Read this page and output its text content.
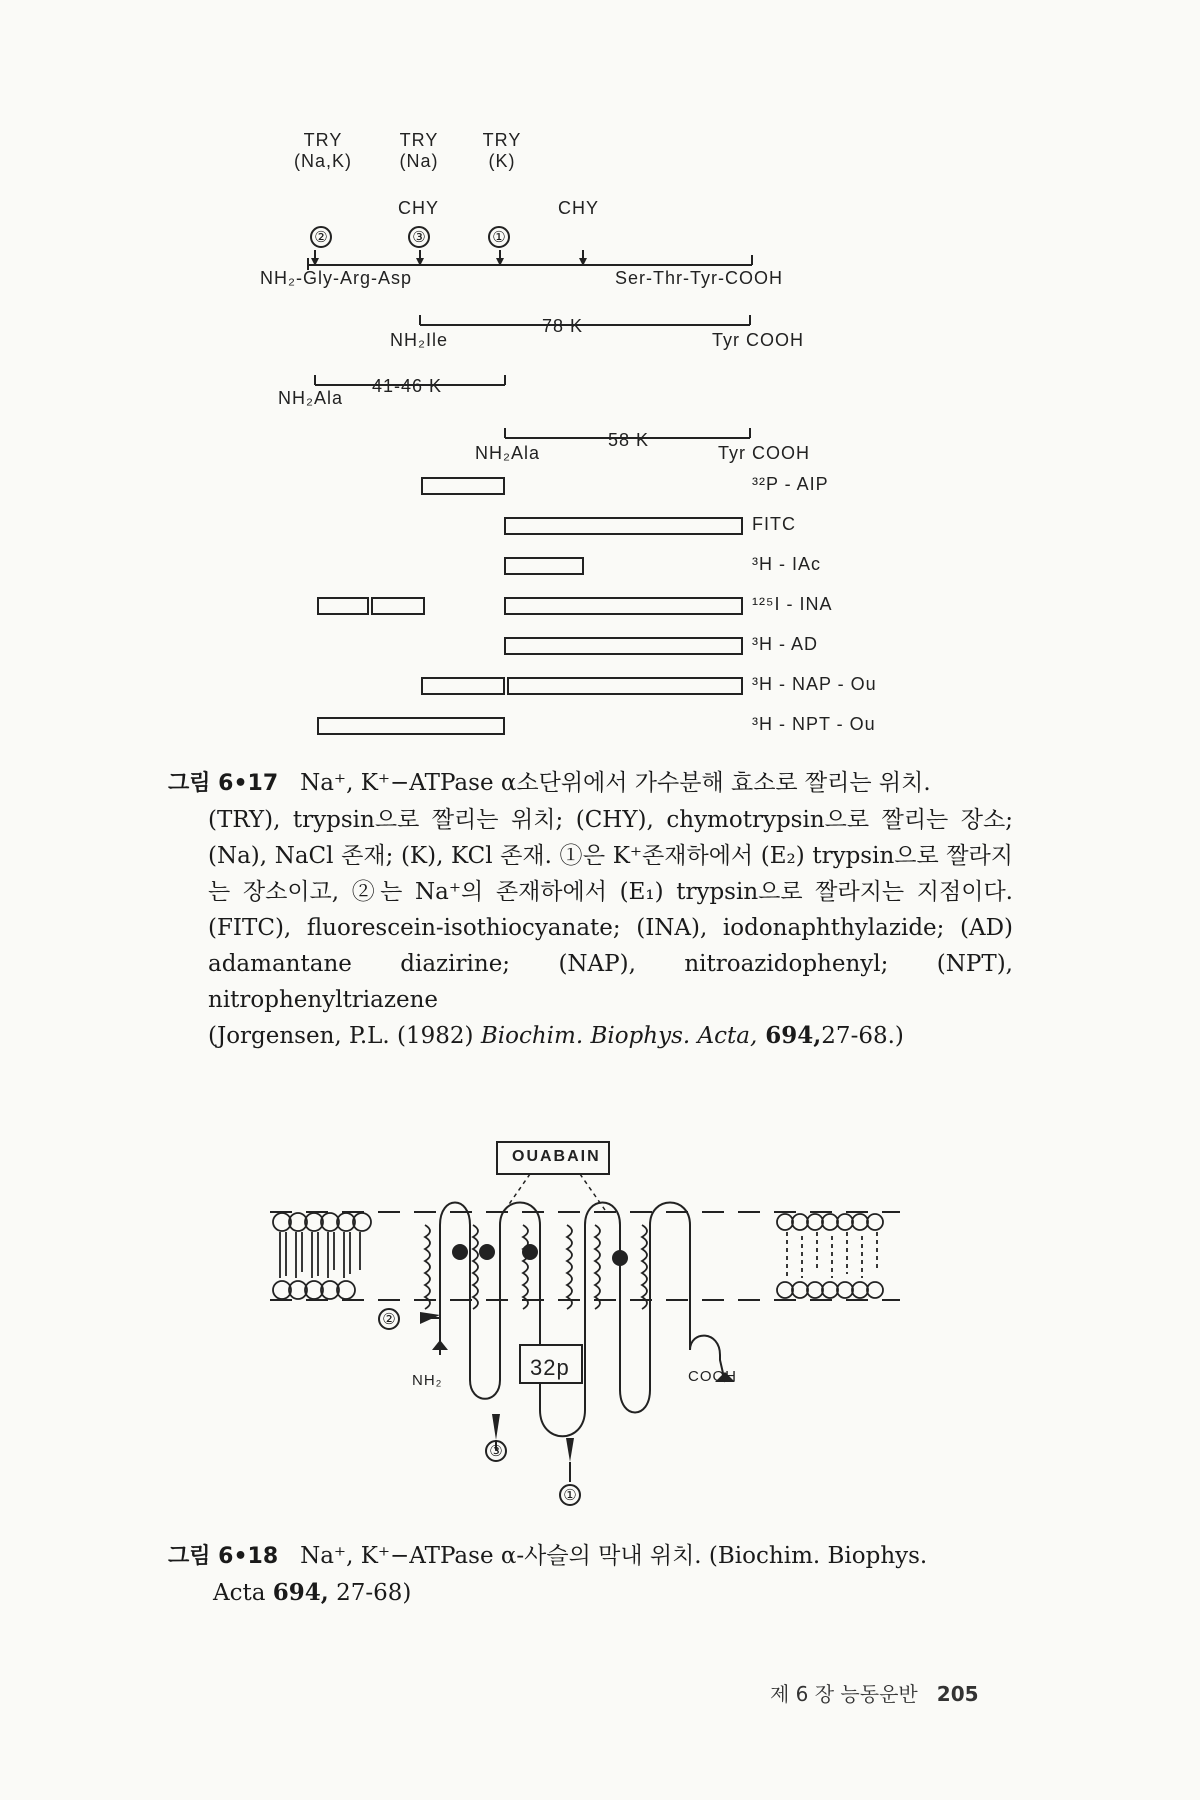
TRY
(Na,K)
TRY
(Na)
TRY
(K)
CHY	CHY
②	③	①
NH₂-Gly-Arg-Asp	Ser-Thr-Tyr-COOH
NH₂Ile
78 K
Tyr COOH
NH₂Ala
41-46 K
NH₂Ala
58 K
Tyr COOH
³²P - AIP
FITC
³H - IAc
¹²⁵I - INA
³H - AD
³H - NAP - Ou
³H - NPT - Ou
그림 6•17 Na⁺, K⁺−ATPase α소단위에서 가수분해 효소로 짤리는 위치.
(TRY), trypsin으로 짤리는 위치; (CHY), chymotrypsin으로 짤리는 장소; (Na), NaCl 존재; (K), KCl 존재. ①은 K⁺존재하에서 (E₂) trypsin으로 짤라지는 장소이고, ②는 Na⁺의 존재하에서 (E₁) trypsin으로 짤라지는 지점이다. (FITC), fluorescein-isothiocyanate; (INA), iodonaphthylazide; (AD) adamantane diazirine; (NAP), nitroazidophenyl; (NPT), nitrophenyltriazene
(Jorgensen, P.L. (1982) Biochim. Biophys. Acta, 694,27-68.)
OUABAIN
NH₂	COOH
32p
②
③
①
그림 6•18 Na⁺, K⁺−ATPase α-사슬의 막내 위치. (Biochim. Biophys.
Acta 694, 27-68)
제 6 장 능동운반 205
